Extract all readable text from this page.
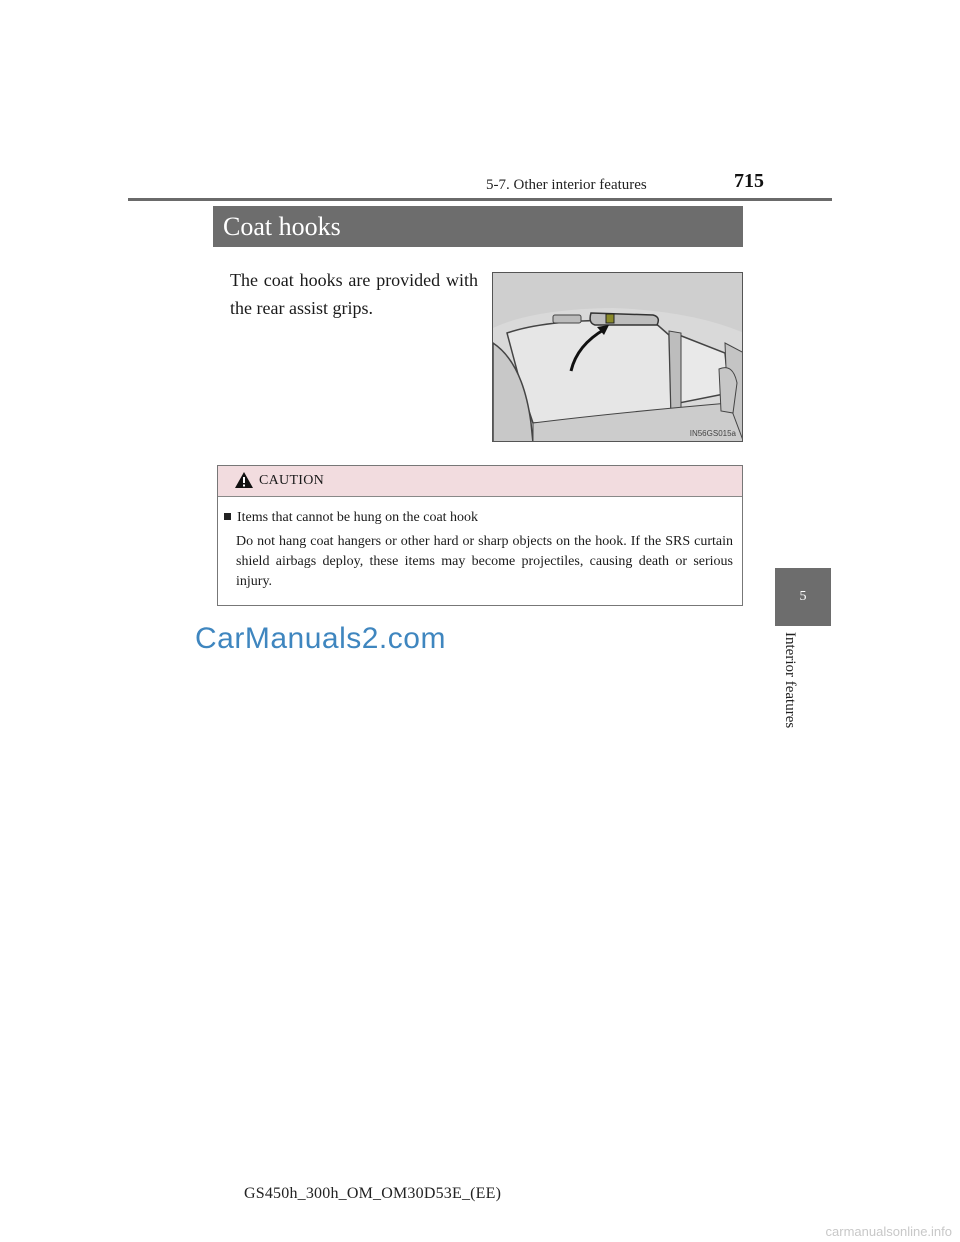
5-7. Other interior features	715
Coat hooks
The coat hooks are provided with the rear assist grips.
IN56GS015a
CAUTION
Items that cannot be hung on the coat hook
Do not hang coat hangers or other hard or sharp objects on the hook. If the SRS curtain shield airbags deploy, these items may become projectiles, causing death or serious injury.
CarManuals2.com
5
Interior features
GS450h_300h_OM_OM30D53E_(EE)
carmanualsonline.info
